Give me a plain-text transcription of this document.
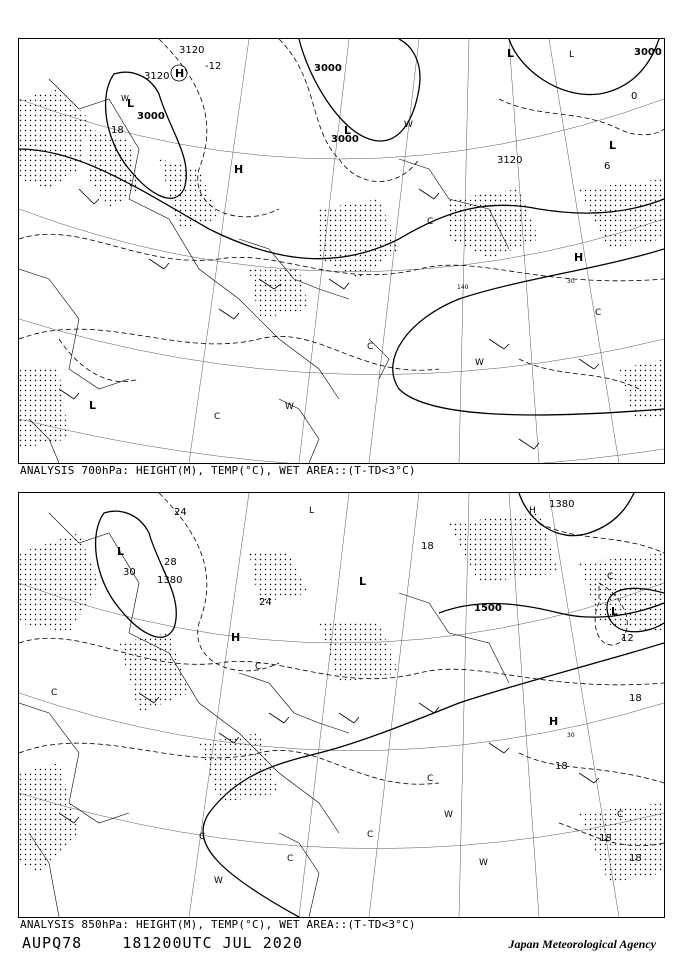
3120
3000
3000
3000
3000
3120
3120
-12
0
6
18
30
140
H
L
L
L
H
H
L
L
W
W
C
C
C
C
W
L
W
ANALYSIS 700hPa: HEIGHT(M), TEMP(°C), WET AREA::(T-TD<3°C)
1380
1380
1500
24
24
28
30
18
12
18
18
18
18
30
L
L
H
L
C
H
C
L
W
W
C
C
W
H
C
C
C
C
ANALYSIS 850hPa: HEIGHT(M), TEMP(°C), WET AREA::(T-TD<3°C)
AUPQ78	181200UTC JUL 2020	Japan Meteorological Agency
